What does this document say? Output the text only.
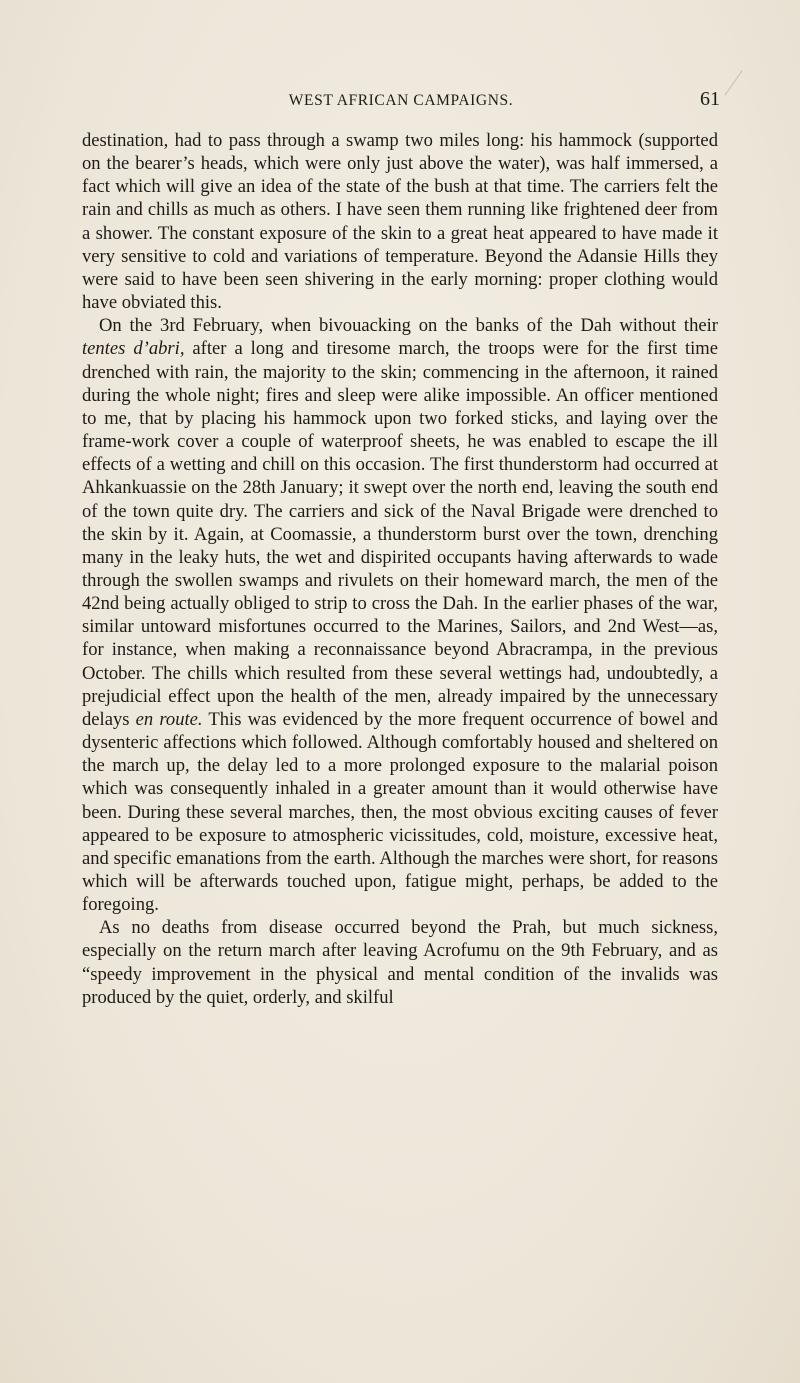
WEST AFRICAN CAMPAIGNS.	61

destination, had to pass through a swamp two miles long: his hammock (supported on the bearer’s heads, which were only just above the water), was half immersed, a fact which will give an idea of the state of the bush at that time. The carriers felt the rain and chills as much as others. I have seen them running like frightened deer from a shower. The constant exposure of the skin to a great heat appeared to have made it very sensitive to cold and variations of temperature. Beyond the Adansie Hills they were said to have been seen shivering in the early morning: proper clothing would have obviated this.

On the 3rd February, when bivouacking on the banks of the Dah without their tentes d’abri, after a long and tiresome march, the troops were for the first time drenched with rain, the majority to the skin; commencing in the afternoon, it rained during the whole night; fires and sleep were alike impossible. An officer mentioned to me, that by placing his hammock upon two forked sticks, and laying over the frame-work cover a couple of waterproof sheets, he was enabled to escape the ill effects of a wetting and chill on this occasion. The first thunderstorm had occurred at Ahkankuassie on the 28th January; it swept over the north end, leaving the south end of the town quite dry. The carriers and sick of the Naval Brigade were drenched to the skin by it. Again, at Coomassie, a thunderstorm burst over the town, drenching many in the leaky huts, the wet and dispirited occupants having afterwards to wade through the swollen swamps and rivulets on their homeward march, the men of the 42nd being actually obliged to strip to cross the Dah. In the earlier phases of the war, similar untoward misfortunes occurred to the Marines, Sailors, and 2nd West—as, for instance, when making a reconnaissance beyond Abracrampa, in the previous October. The chills which resulted from these several wettings had, undoubtedly, a prejudicial effect upon the health of the men, already impaired by the unnecessary delays en route. This was evidenced by the more frequent occurrence of bowel and dysenteric affections which followed. Although comfortably housed and sheltered on the march up, the delay led to a more prolonged exposure to the malarial poison which was consequently inhaled in a greater amount than it would otherwise have been. During these several marches, then, the most obvious exciting causes of fever appeared to be exposure to atmospheric vicissitudes, cold, moisture, excessive heat, and specific emanations from the earth. Although the marches were short, for reasons which will be afterwards touched upon, fatigue might, perhaps, be added to the foregoing.

As no deaths from disease occurred beyond the Prah, but much sickness, especially on the return march after leaving Acrofumu on the 9th February, and as “speedy improvement in the physical and mental condition of the invalids was produced by the quiet, orderly, and skilful
